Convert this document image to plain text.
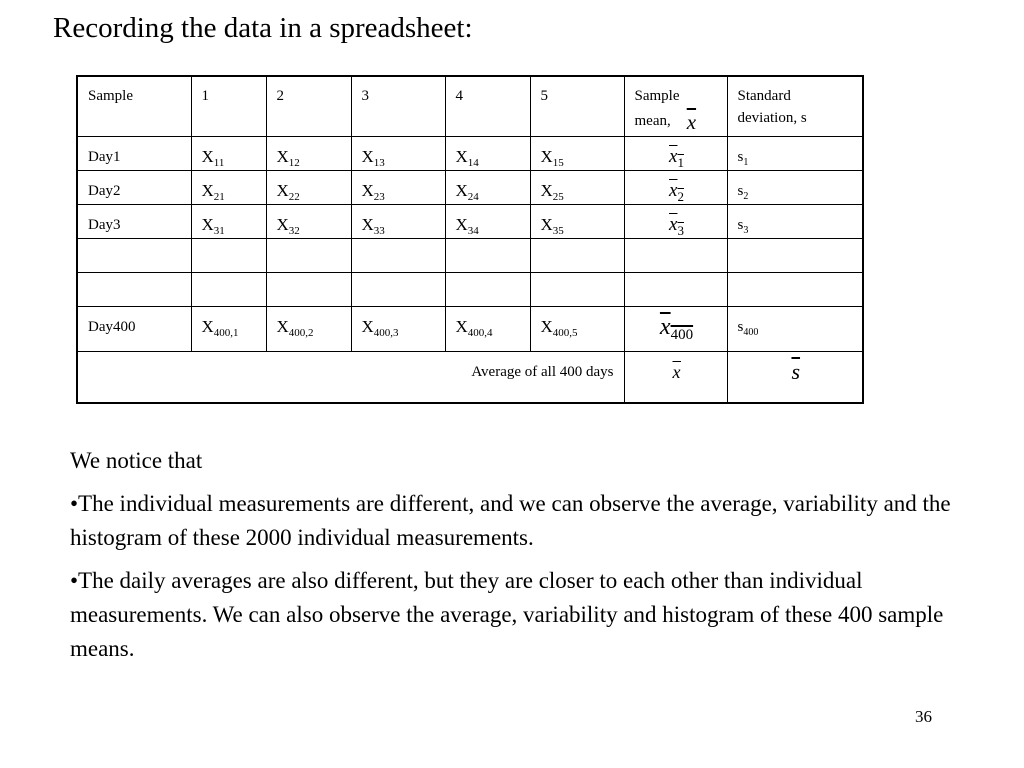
Recording the data in a spreadsheet:
Sample	1	2	3	4	5	Sample mean, $\overline{x}$	Standard deviation, s
Day1	$X_{11}$	$X_{12}$	$X_{13}$	$X_{14}$	$X_{15}$	$x_1$	$s_1$
Day2	$X_{21}$	$X_{22}$	$X_{23}$	$X_{24}$	$X_{25}$	$x_2$	$s_2$
Day3	$X_{31}$	$X_{32}$	$X_{33}$	$X_{34}$	$X_{35}$	$x_3$	$s_3$

Day400	$X_{400,1}$	$X_{400,2}$	$X_{400,3}$	$X_{400,4}$	$X_{400,5}$	$x_{400}$	$s_{400}$
Average of all 400 days						$\overline{x}$	$\overline{s}$

We notice that

•The individual measurements are different, and we can observe the average, variability and the histogram of these 2000 individual measurements.

•The daily averages are also different, but they are closer to each other than individual measurements. We can also observe the average, variability and histogram of these 400 sample means.

36
